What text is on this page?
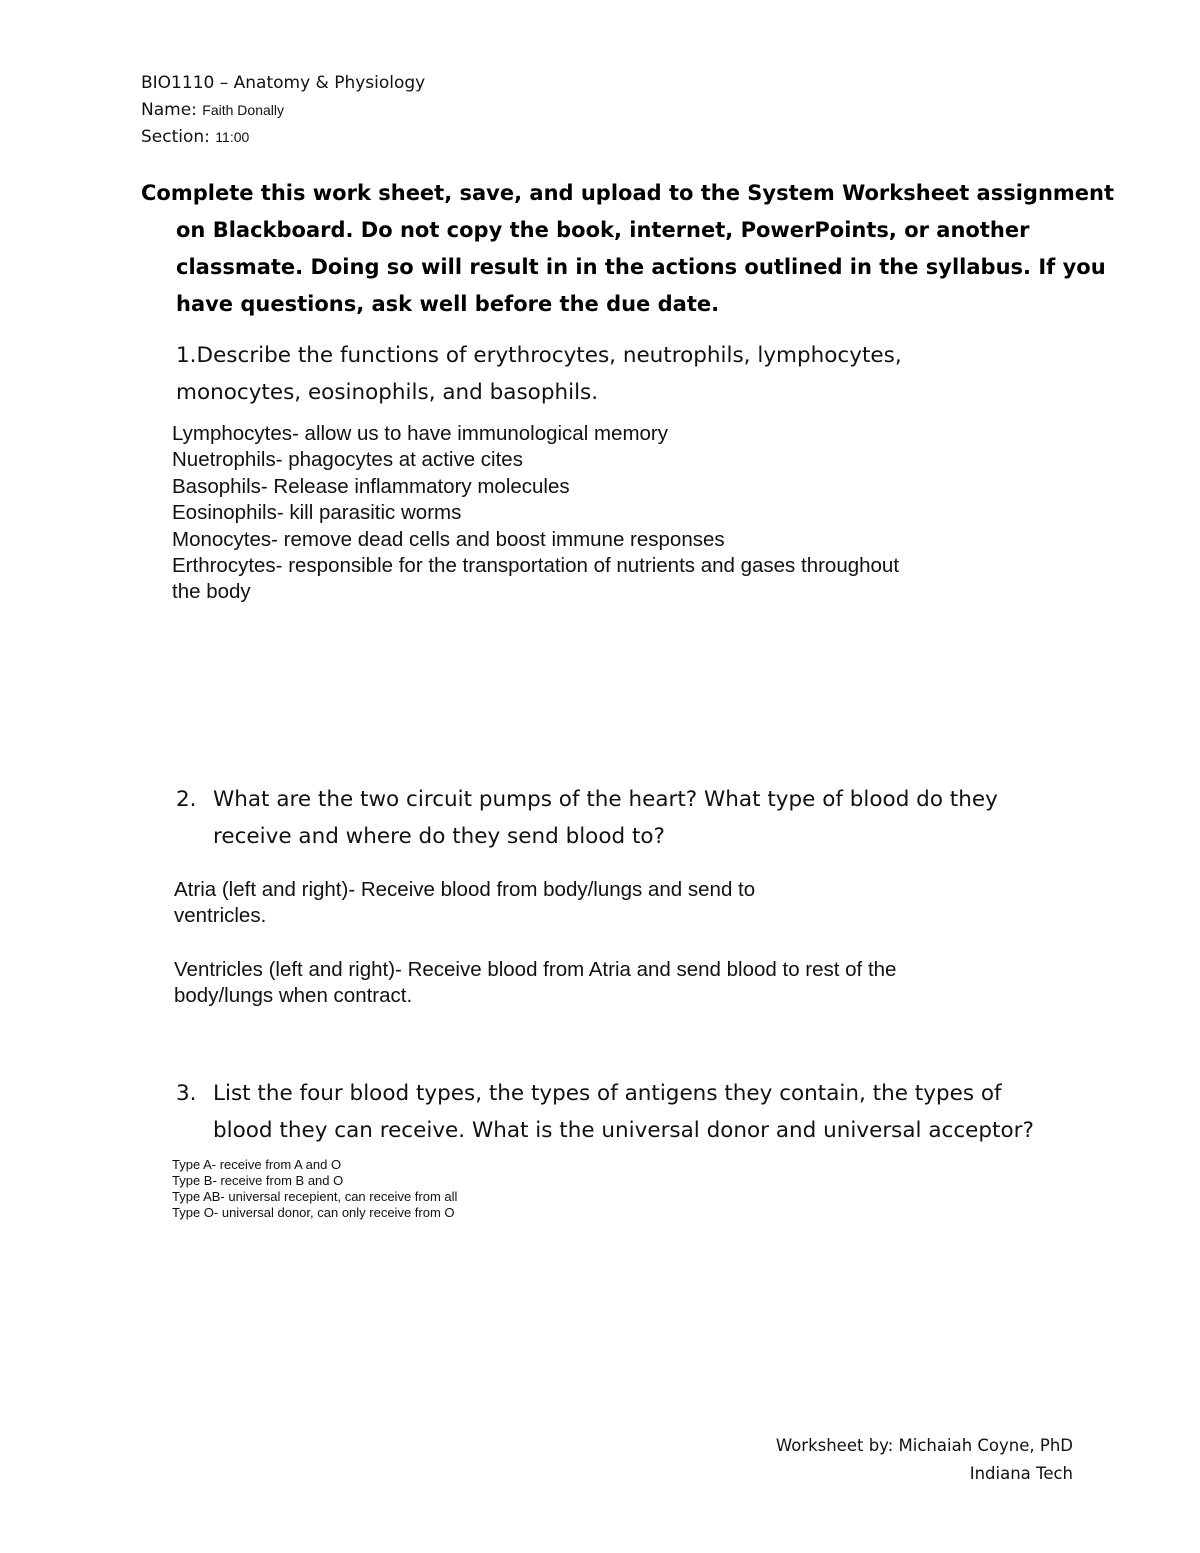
BIO1110 – Anatomy & Physiology
Name: Faith Donally
Section: 11:00
Complete this work sheet, save, and upload to the System Worksheet assignment
on Blackboard. Do not copy the book, internet, PowerPoints, or another
classmate. Doing so will result in in the actions outlined in the syllabus. If you
have questions, ask well before the due date.
1.Describe the functions of erythrocytes, neutrophils, lymphocytes,
monocytes, eosinophils, and basophils.
Lymphocytes- allow us to have immunological memory
Nuetrophils- phagocytes at active cites
Basophils- Release inflammatory molecules
Eosinophils- kill parasitic worms
Monocytes- remove dead cells and boost immune responses
Erthrocytes- responsible for the transportation of nutrients and gases throughout
the body
2. What are the two circuit pumps of the heart? What type of blood do they
receive and where do they send blood to?
Atria (left and right)- Receive blood from body/lungs and send to
ventricles.
Ventricles (left and right)- Receive blood from Atria and send blood to rest of the
body/lungs when contract.
3. List the four blood types, the types of antigens they contain, the types of
blood they can receive. What is the universal donor and universal acceptor?
Type A- receive from A and O
Type B- receive from B and O
Type AB- universal recepient, can receive from all
Type O- universal donor, can only receive from O
Worksheet by: Michaiah Coyne, PhD
Indiana Tech
